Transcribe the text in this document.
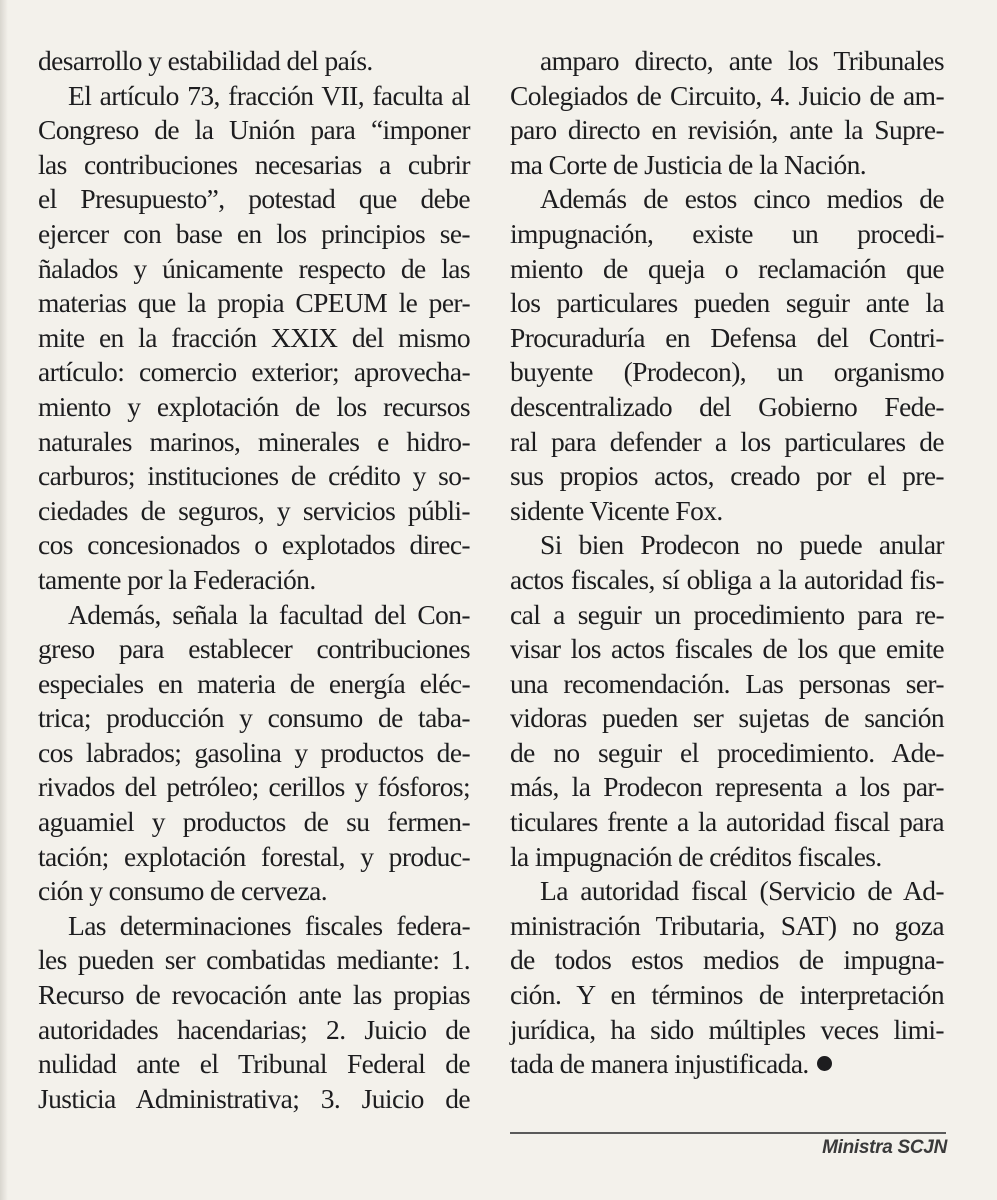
desarrollo y estabilidad del país.
El artículo 73, fracción VII, faculta al
Congreso de la Unión para “imponer
las contribuciones necesarias a cubrir
el Presupuesto”, potestad que debe
ejercer con base en los principios se-
ñalados y únicamente respecto de las
materias que la propia CPEUM le per-
mite en la fracción XXIX del mismo
artículo: comercio exterior; aprovecha-
miento y explotación de los recursos
naturales marinos, minerales e hidro-
carburos; instituciones de crédito y so-
ciedades de seguros, y servicios públi-
cos concesionados o explotados direc-
tamente por la Federación.
Además, señala la facultad del Con-
greso para establecer contribuciones
especiales en materia de energía eléc-
trica; producción y consumo de taba-
cos labrados; gasolina y productos de-
rivados del petróleo; cerillos y fósforos;
aguamiel y productos de su fermen-
tación; explotación forestal, y produc-
ción y consumo de cerveza.
Las determinaciones fiscales federa-
les pueden ser combatidas mediante: 1.
Recurso de revocación ante las propias
autoridades hacendarias; 2. Juicio de
nulidad ante el Tribunal Federal de
Justicia Administrativa; 3. Juicio de
amparo directo, ante los Tribunales
Colegiados de Circuito, 4. Juicio de am-
paro directo en revisión, ante la Supre-
ma Corte de Justicia de la Nación.
Además de estos cinco medios de
impugnación, existe un procedi-
miento de queja o reclamación que
los particulares pueden seguir ante la
Procuraduría en Defensa del Contri-
buyente (Prodecon), un organismo
descentralizado del Gobierno Fede-
ral para defender a los particulares de
sus propios actos, creado por el pre-
sidente Vicente Fox.
Si bien Prodecon no puede anular
actos fiscales, sí obliga a la autoridad fis-
cal a seguir un procedimiento para re-
visar los actos fiscales de los que emite
una recomendación. Las personas ser-
vidoras pueden ser sujetas de sanción
de no seguir el procedimiento. Ade-
más, la Prodecon representa a los par-
ticulares frente a la autoridad fiscal para
la impugnación de créditos fiscales.
La autoridad fiscal (Servicio de Ad-
ministración Tributaria, SAT) no goza
de todos estos medios de impugna-
ción. Y en términos de interpretación
jurídica, ha sido múltiples veces limi-
tada de manera injustificada.
Ministra SCJN
